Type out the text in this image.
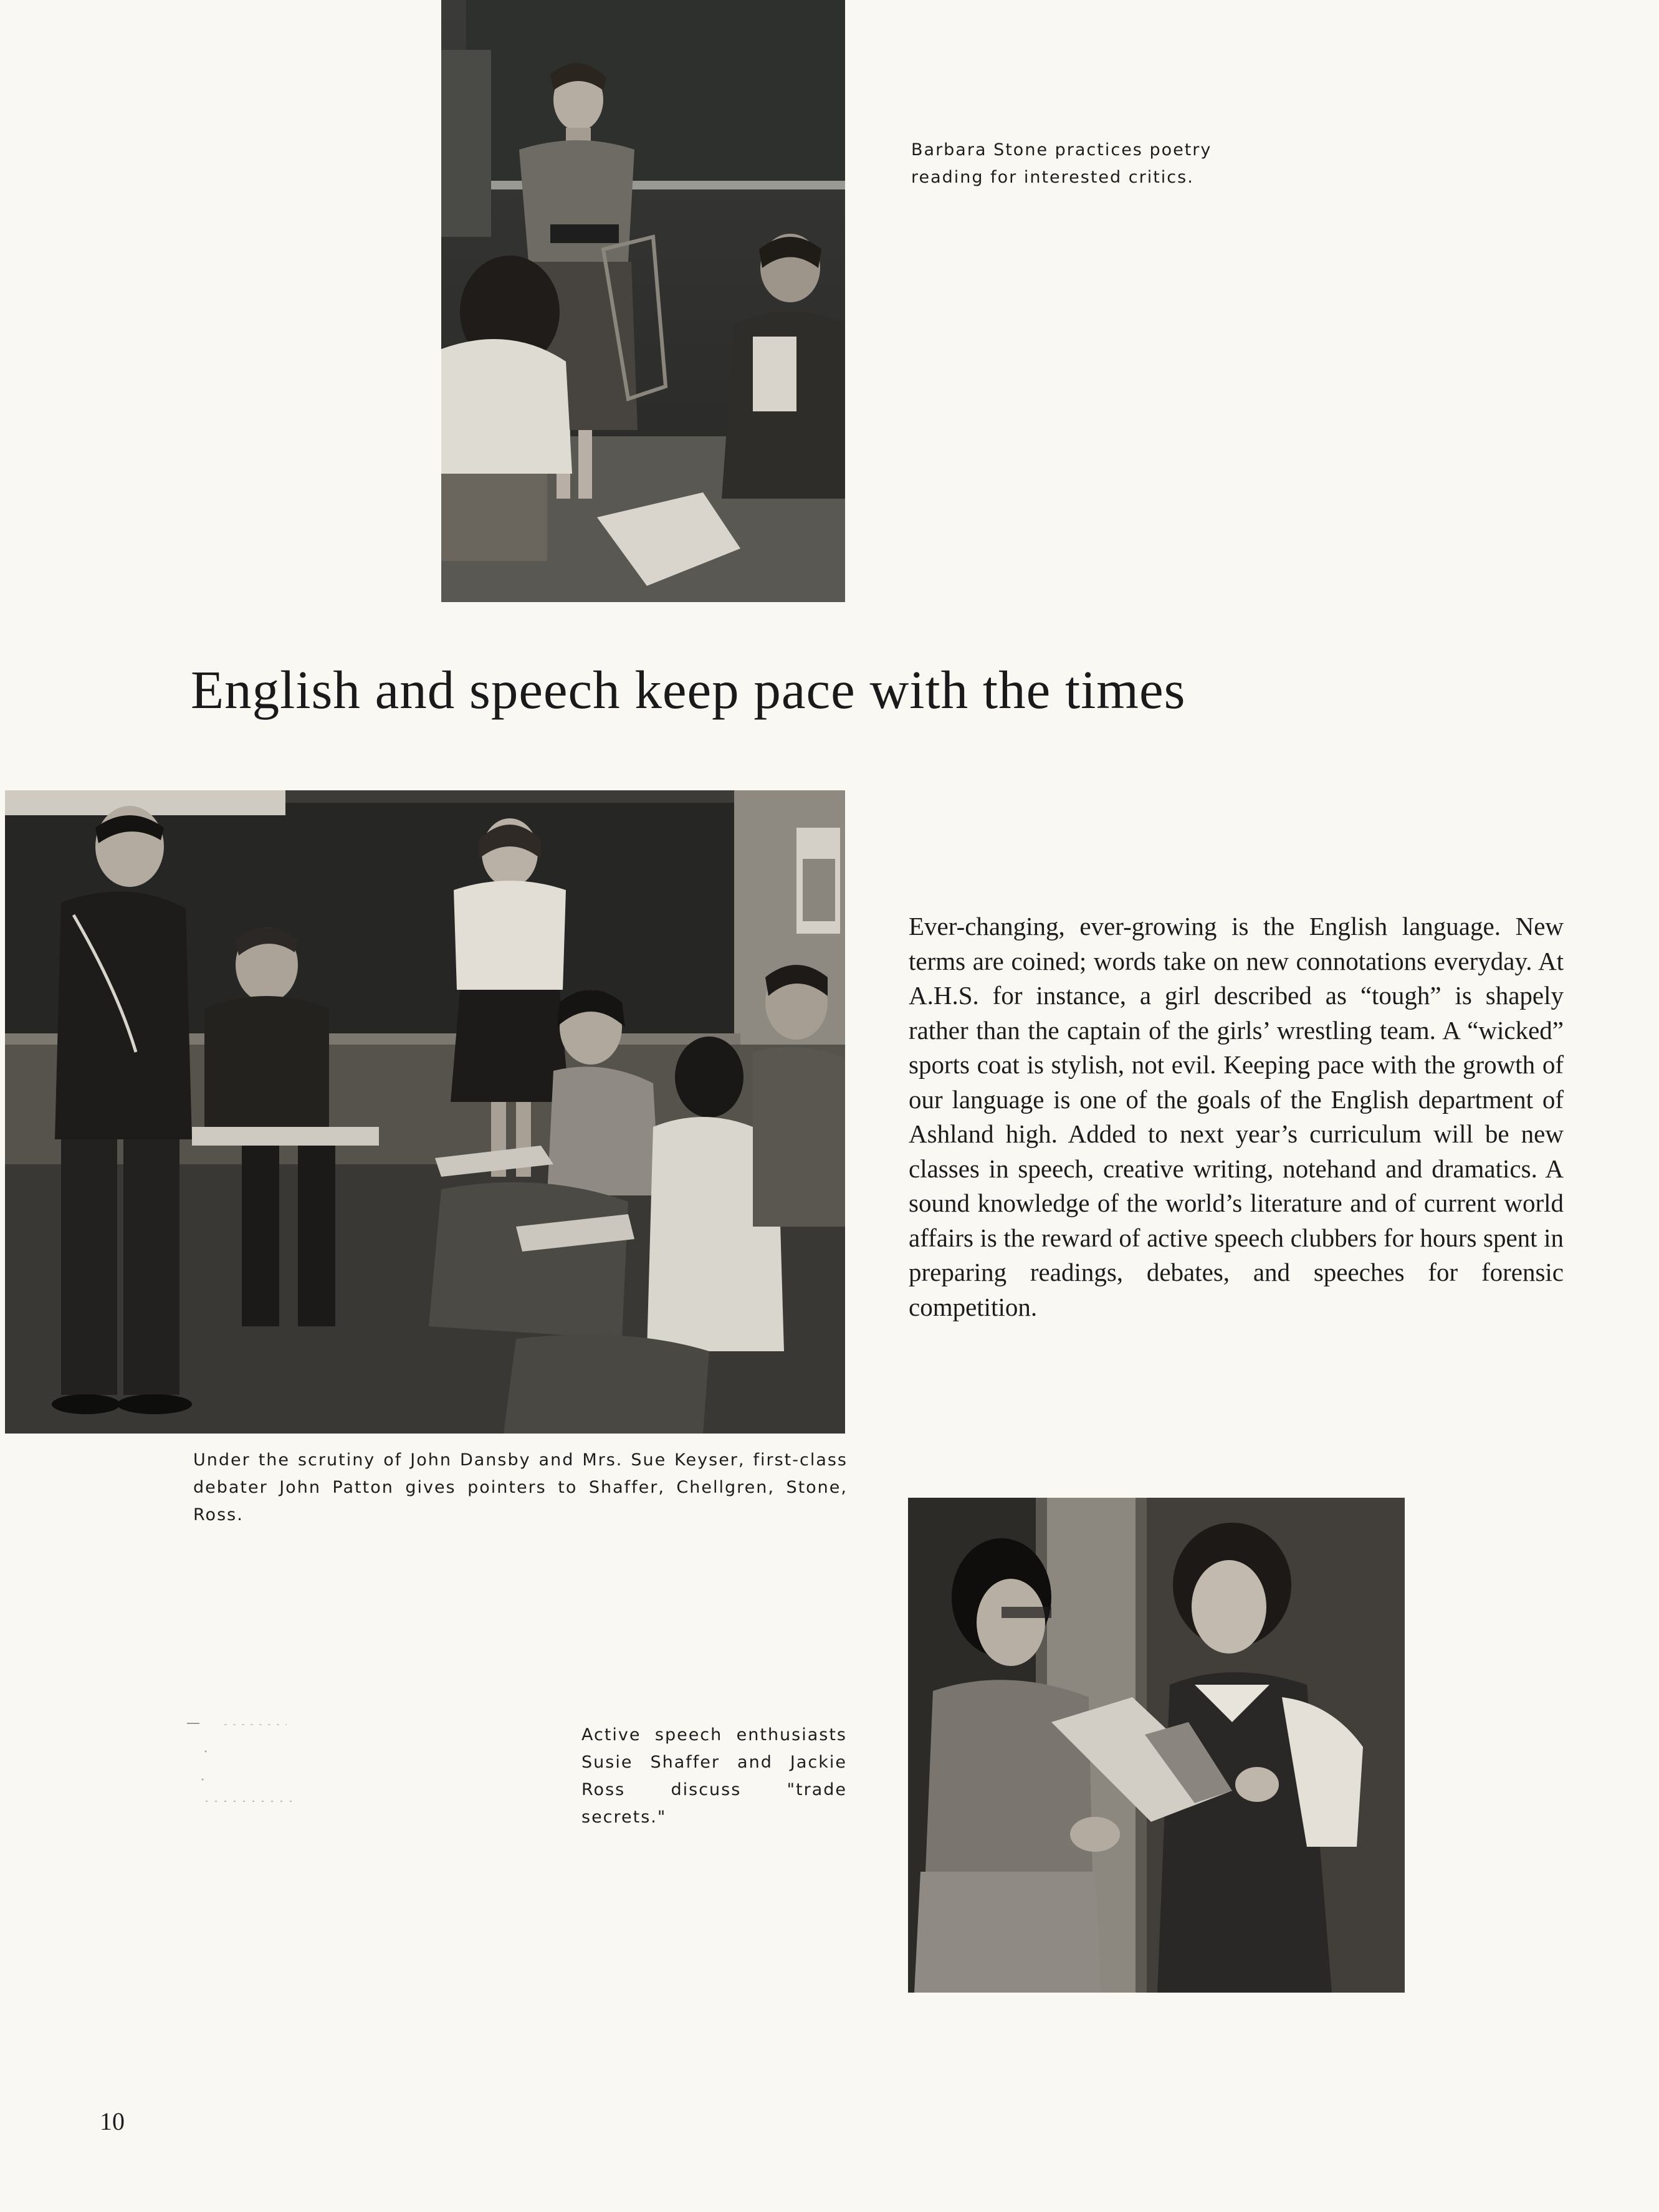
Barbara Stone practices poetry reading for interested critics.
English and speech keep pace with the times
Under the scrutiny of John Dansby and Mrs. Sue Keyser, first-class debater John Patton gives pointers to Shaffer, Chellgren, Stone, Ross.
Ever-changing, ever-growing is the English language. New terms are coined; words take on new connotations everyday. At A.H.S. for instance, a girl described as “tough” is shapely rather than the captain of the girls’ wrestling team. A “wicked” sports coat is stylish, not evil. Keeping pace with the growth of our language is one of the goals of the English department of Ashland high. Added to next year’s curriculum will be new classes in speech, creative writing, notehand and dramatics. A sound knowledge of the world’s literature and of current world affairs is the reward of active speech clubbers for hours spent in preparing readings, debates, and speeches for forensic competition.
Active speech enthusiasts Susie Shaffer and Jackie Ross discuss "trade secrets."
10
